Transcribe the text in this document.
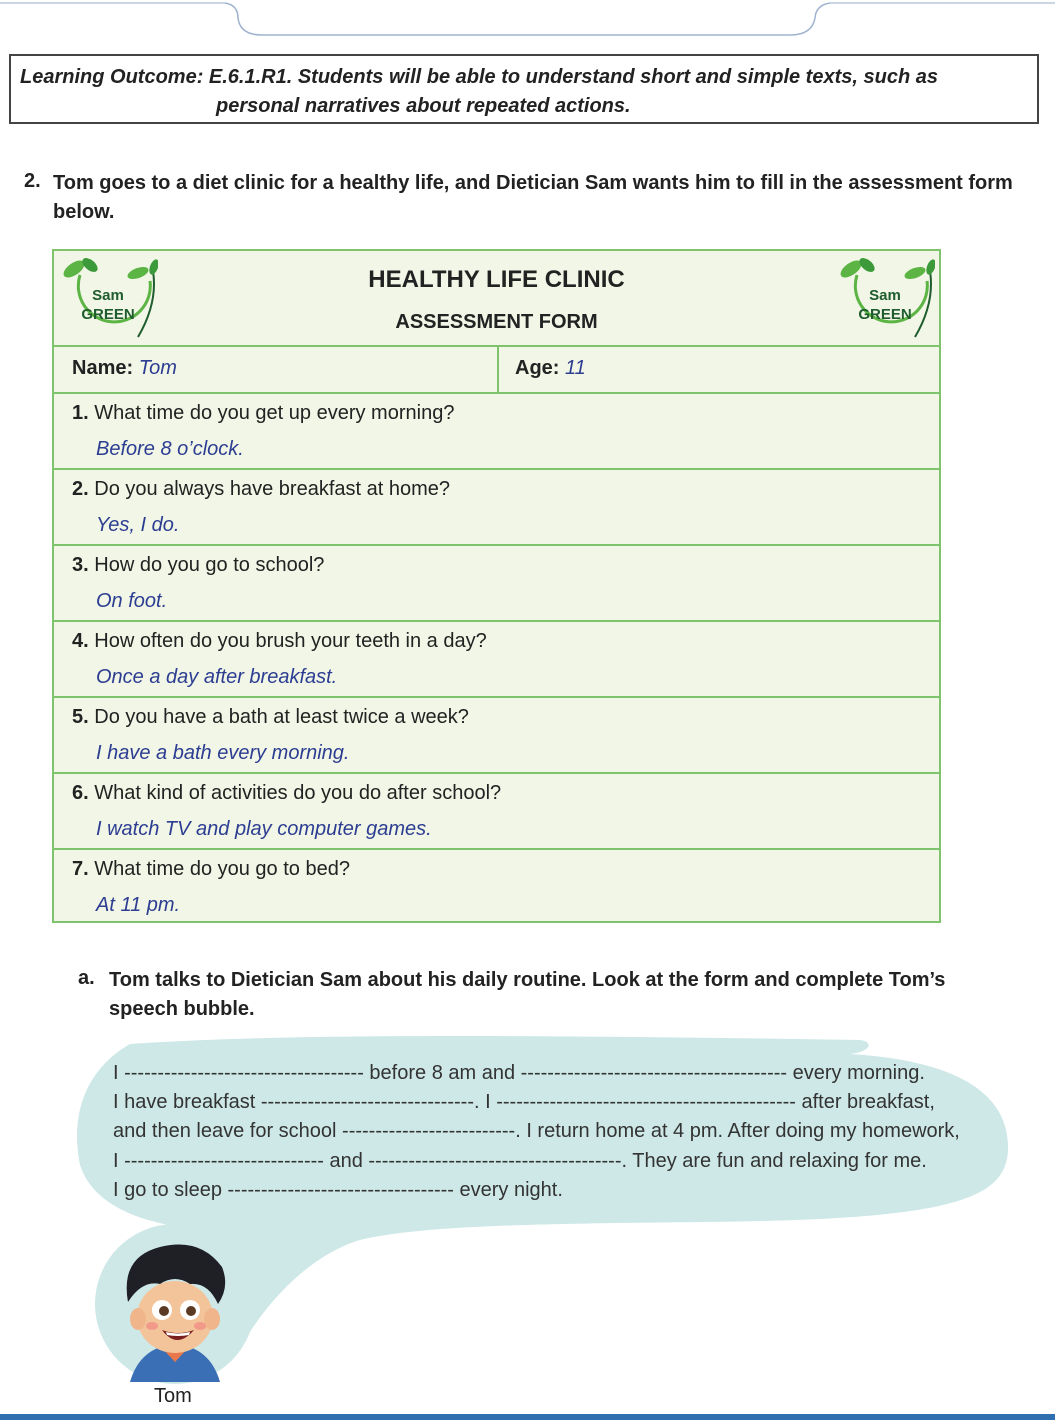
Learning Outcome: E.6.1.R1. Students will be able to understand short and simple texts, such as
personal narratives about repeated actions.
2. Tom goes to a diet clinic for a healthy life, and Dietician Sam wants him to fill in the assessment form below.
Sam
GREEN
HEALTHY LIFE CLINIC
ASSESSMENT FORM
Sam
GREEN
Name: Tom	Age: 11
1. What time do you get up every morning?
Before 8 o’clock.
2. Do you always have breakfast at home?
Yes, I do.
3. How do you go to school?
On foot.
4. How often do you brush your teeth in a day?
Once a day after breakfast.
5. Do you have a bath at least twice a week?
I have a bath every morning.
6. What kind of activities do you do after school?
I watch TV and play computer games.
7. What time do you go to bed?
At 11 pm.
a. Tom talks to Dietician Sam about his daily routine. Look at the form and complete Tom’s speech bubble.
I ------------------------------------ before 8 am and ---------------------------------------- every morning.
I have breakfast --------------------------------. I --------------------------------------------- after breakfast,
and then leave for school --------------------------. I return home at 4 pm. After doing my homework,
I ------------------------------ and --------------------------------------. They are fun and relaxing for me.
I go to sleep ---------------------------------- every night.
Tom
